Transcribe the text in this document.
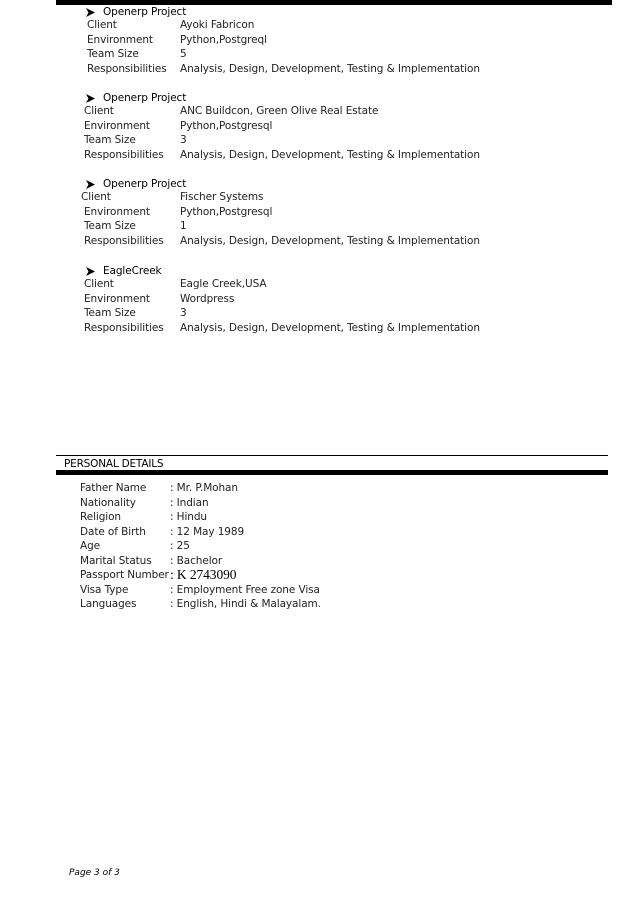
Openerp Project
Client	Ayoki Fabricon
Environment	Python,Postgreql
Team Size	5
Responsibilities Analysis, Design, Development, Testing & Implementation
Openerp Project
Client	ANC Buildcon, Green Olive Real Estate
Environment	Python,Postgresql
Team Size	3
Responsibilities Analysis, Design, Development, Testing & Implementation
Openerp Project
Client	Fischer Systems
Environment	Python,Postgresql
Team Size	1
Responsibilities Analysis, Design, Development, Testing & Implementation
EagleCreek
Client	Eagle Creek,USA
Environment	Wordpress
Team Size	3
Responsibilities Analysis, Design, Development, Testing & Implementation
PERSONAL DETAILS
Father Name : Mr. P.Mohan
Nationality	: Indian
Religion	: Hindu
Date of Birth : 12 May 1989
Age	: 25
Marital Status : Bachelor
Passport Number : K 2743090
Visa Type	: Employment Free zone Visa
Languages	: English, Hindi & Malayalam.
Page 3 of 3
